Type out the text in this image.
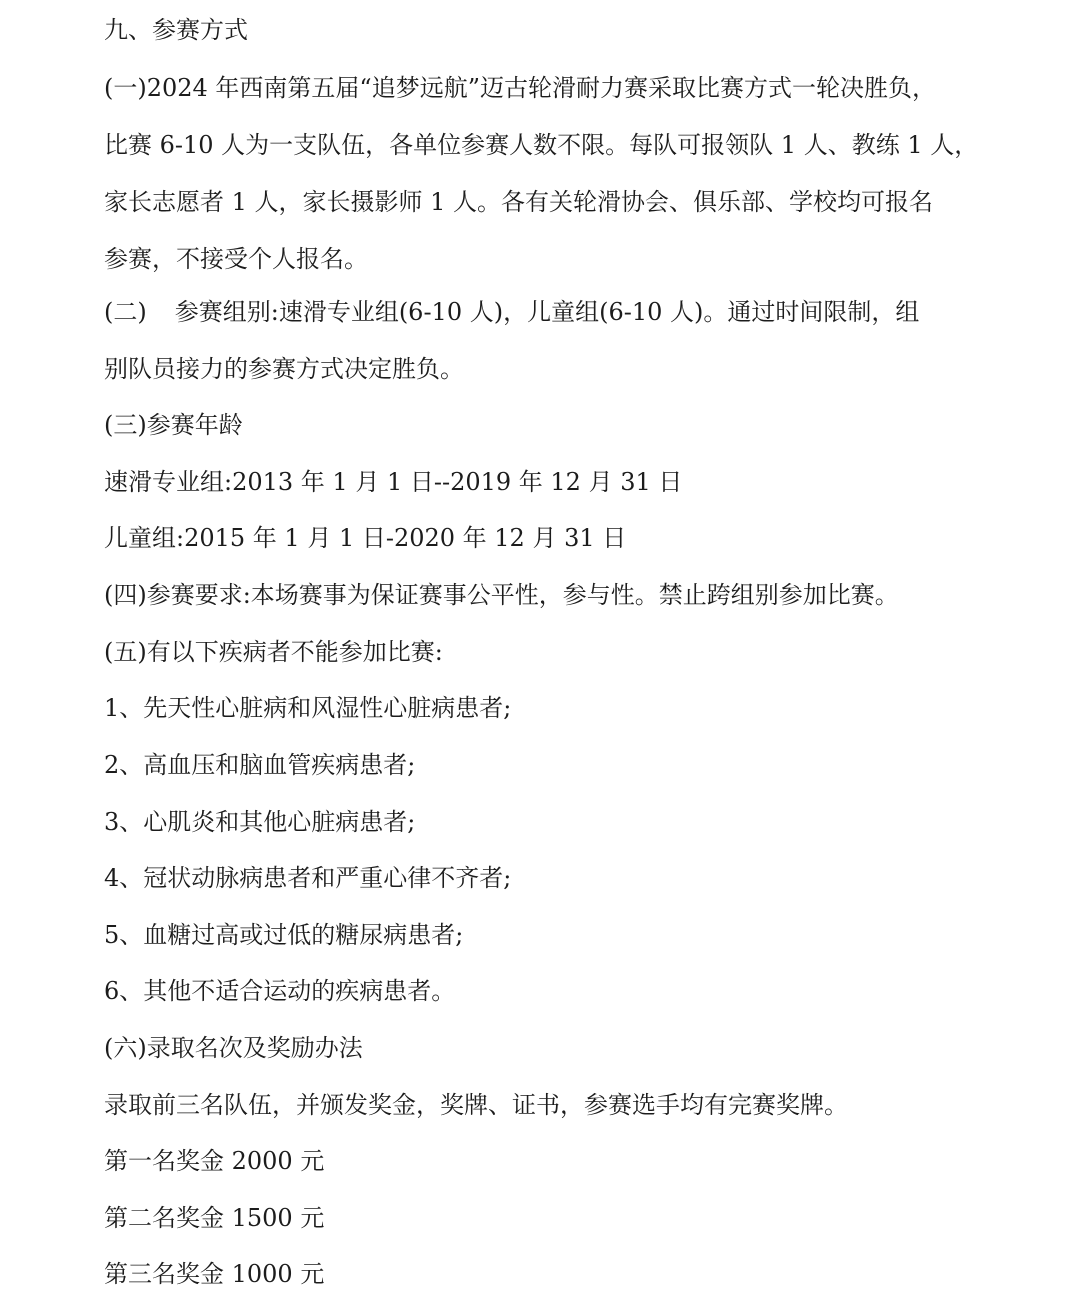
九、参赛方式
(一)2024 年西南第五届“追梦远航”迈古轮滑耐力赛采取比赛方式一轮决胜负，
比赛 6-10 人为一支队伍，各单位参赛人数不限。每队可报领队 1 人、教练 1 人，
家长志愿者 1 人，家长摄影师 1 人。各有关轮滑协会、俱乐部、学校均可报名
参赛，不接受个人报名。
(二) 参赛组别:速滑专业组(6-10 人)，儿童组(6-10 人)。通过时间限制，组
别队员接力的参赛方式决定胜负。
(三)参赛年龄
速滑专业组:2013 年 1 月 1 日--2019 年 12 月 31 日
儿童组:2015 年 1 月 1 日-2020 年 12 月 31 日
(四)参赛要求:本场赛事为保证赛事公平性，参与性。禁止跨组别参加比赛。
(五)有以下疾病者不能参加比赛:
1、先天性心脏病和风湿性心脏病患者;
2、高血压和脑血管疾病患者;
3、心肌炎和其他心脏病患者;
4、冠状动脉病患者和严重心律不齐者;
5、血糖过高或过低的糖尿病患者;
6、其他不适合运动的疾病患者。
(六)录取名次及奖励办法
录取前三名队伍，并颁发奖金，奖牌、证书，参赛选手均有完赛奖牌。
第一名奖金 2000 元
第二名奖金 1500 元
第三名奖金 1000 元
